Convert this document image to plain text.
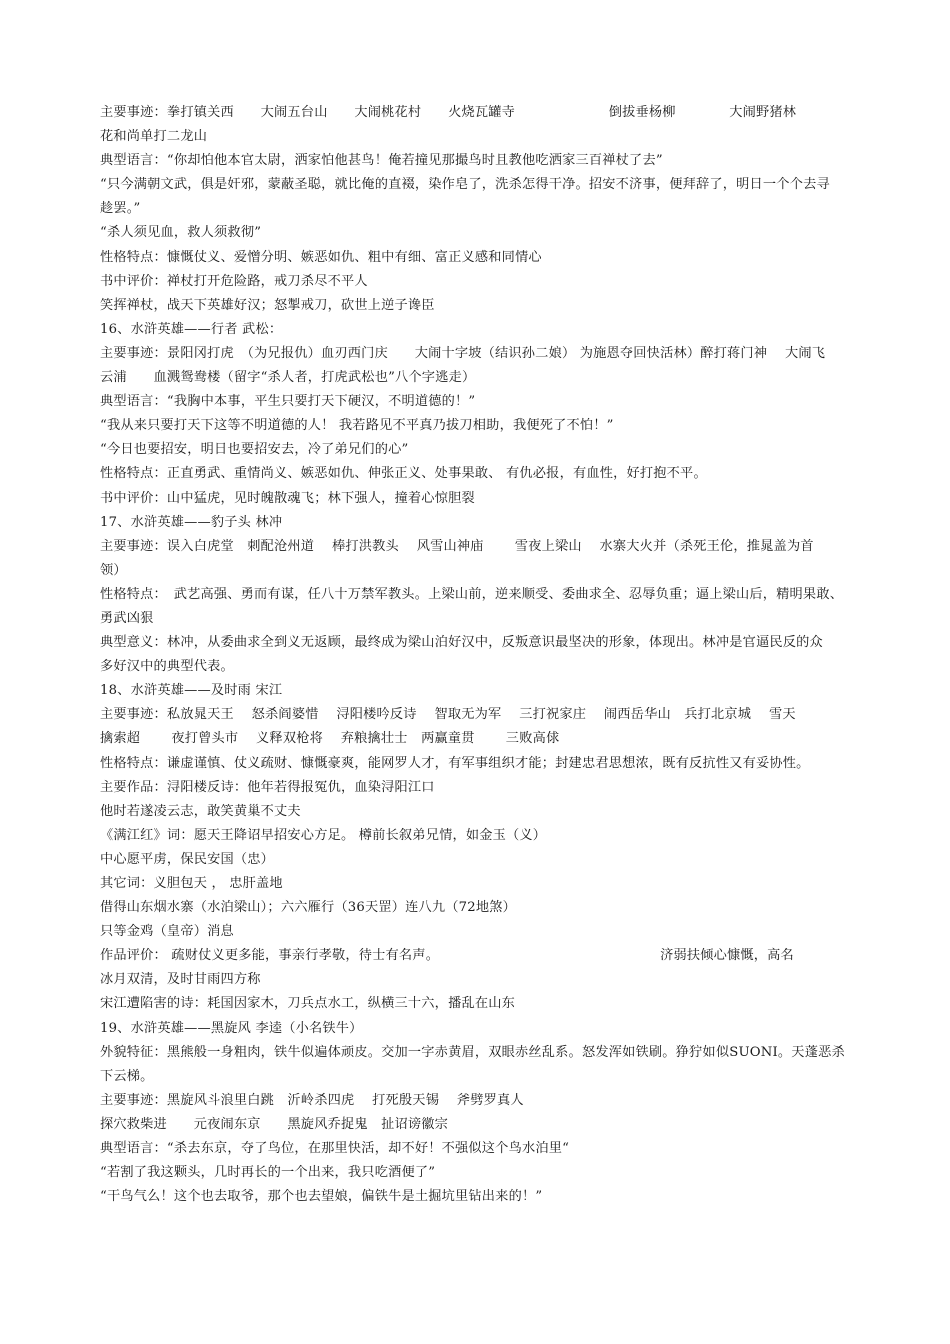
主要事迹：拳打镇关西　　大闹五台山　　大闹桃花村　　火烧瓦罐寺　　　　　　　倒拔垂杨柳　　　　大闹野猪林
花和尚单打二龙山
典型语言：“你却怕他本官太尉，洒家怕他甚鸟！俺若撞见那撮鸟时且教他吃洒家三百禅杖了去”
“只今满朝文武，俱是奸邪，蒙蔽圣聪，就比俺的直裰，染作皂了，洗杀怎得干净。招安不济事，便拜辞了，明日一个个去寻
趁罢。”
“杀人须见血，救人须救彻”
性格特点：慷慨仗义、爱憎分明、嫉恶如仇、粗中有细、富正义感和同情心
书中评价：禅杖打开危险路，戒刀杀尽不平人
笑挥禅杖，战天下英雄好汉；怒掣戒刀，砍世上逆子谗臣
16、水浒英雄——行者 武松：
主要事迹：景阳冈打虎　（为兄报仇）血刃西门庆　　大闹十字坡（结识孙二娘） 为施恩夺回快活林）醉打蒋门神　 大闹飞
云浦　　血溅鸳鸯楼（留字“杀人者，打虎武松也”八个字逃走）
典型语言：“我胸中本事，平生只要打天下硬汉，不明道德的！”
“我从来只要打天下这等不明道德的人！ 我若路见不平真乃拔刀相助，我便死了不怕！”
“今日也要招安，明日也要招安去，冷了弟兄们的心”
性格特点：正直勇武、重情尚义、嫉恶如仇、伸张正义、处事果敢、 有仇必报，有血性，好打抱不平。
书中评价：山中猛虎，见时魄散魂飞；林下强人，撞着心惊胆裂
17、水浒英雄——豹子头 林冲
主要事迹：误入白虎堂　刺配沧州道　 棒打洪教头　 风雪山神庙　　 雪夜上梁山　 水寨大火并（杀死王伦，推晁盖为首
领）
性格特点：　武艺高强、勇而有谋，任八十万禁军教头。上梁山前，逆来顺受、委曲求全、忍辱负重；逼上梁山后，精明果敢、
勇武凶狠
典型意义：林冲，从委曲求全到义无返顾，最终成为梁山泊好汉中，反叛意识最坚决的形象，体现出。林冲是官逼民反的众
多好汉中的典型代表。
18、水浒英雄——及时雨 宋江
主要事迹：私放晁天王　 怒杀阎婆惜　 浔阳楼吟反诗　 智取无为军　 三打祝家庄　 闹西岳华山　兵打北京城　 雪天
擒索超　　 夜打曾头市　 义释双枪将　 弃粮擒壮士　两赢童贯　　 三败高俅
性格特点：谦虚谨慎、仗义疏财、慷慨豪爽，能网罗人才，有军事组织才能；封建忠君思想浓，既有反抗性又有妥协性。
主要作品：浔阳楼反诗：他年若得报冤仇，血染浔阳江口
他时若遂凌云志，敢笑黄巢不丈夫
《满江红》词：愿天王降诏早招安心方足。 樽前长叙弟兄情，如金玉（义）
中心愿平虏，保民安国（忠）
其它词：义胆包天 ， 忠肝盖地
借得山东烟水寨（水泊梁山）；六六雁行（36天罡）连八九（72地煞）
只等金鸡（皇帝）消息
作品评价： 疏财仗义更多能，事亲行孝敬，待士有名声。　　　　　　　　　　　　　　　　　济弱扶倾心慷慨，高名
冰月双清，及时甘雨四方称
宋江遭陷害的诗：耗国因家木，刀兵点水工，纵横三十六，播乱在山东
19、水浒英雄——黑旋风 李逵（小名铁牛）
外貌特征：黑熊般一身粗肉，铁牛似遍体顽皮。交加一字赤黄眉，双眼赤丝乱系。怒发浑如铁刷。狰狞如似SUONI。天蓬恶杀
下云梯。
主要事迹：黑旋风斗浪里白跳　沂岭杀四虎　 打死殷天锡　 斧劈罗真人
探穴救柴进　　元夜闹东京　　黑旋风乔捉鬼　扯诏谤徽宗
典型语言：“杀去东京，夺了鸟位，在那里快活，却不好！不强似这个鸟水泊里“
“若割了我这颗头，几时再长的一个出来，我只吃酒便了”
“干鸟气么！这个也去取爷，那个也去望娘，偏铁牛是土掘坑里钻出来的！”
